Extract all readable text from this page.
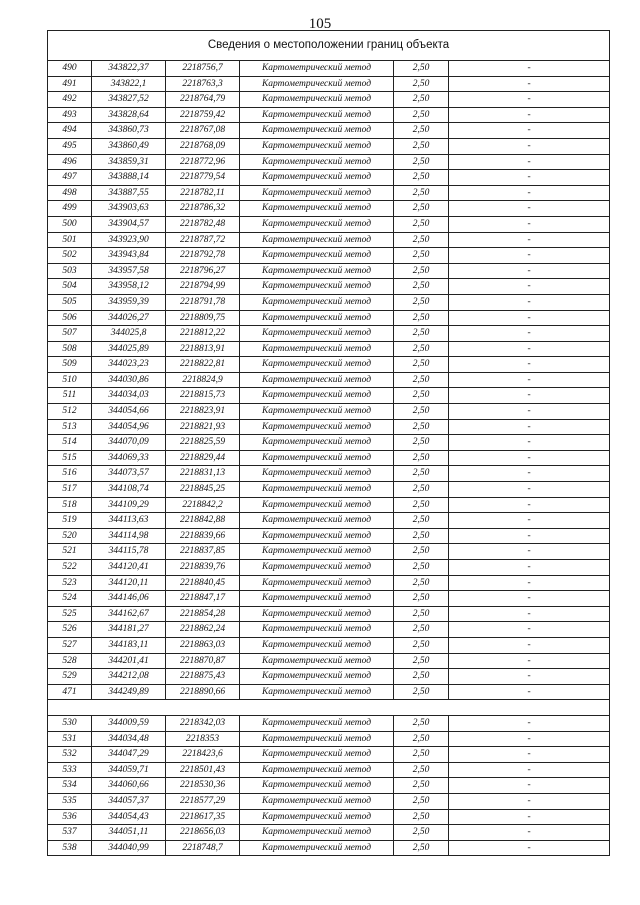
105
Сведения о местоположении границ объекта					
490	343822,37	2218756,7	Картометрический метод	2,50	-
491	343822,1	2218763,3	Картометрический метод	2,50	-
492	343827,52	2218764,79	Картометрический метод	2,50	-
493	343828,64	2218759,42	Картометрический метод	2,50	-
494	343860,73	2218767,08	Картометрический метод	2,50	-
495	343860,49	2218768,09	Картометрический метод	2,50	-
496	343859,31	2218772,96	Картометрический метод	2,50	-
497	343888,14	2218779,54	Картометрический метод	2,50	-
498	343887,55	2218782,11	Картометрический метод	2,50	-
499	343903,63	2218786,32	Картометрический метод	2,50	-
500	343904,57	2218782,48	Картометрический метод	2,50	-
501	343923,90	2218787,72	Картометрический метод	2,50	-
502	343943,84	2218792,78	Картометрический метод	2,50	-
503	343957,58	2218796,27	Картометрический метод	2,50	-
504	343958,12	2218794,99	Картометрический метод	2,50	-
505	343959,39	2218791,78	Картометрический метод	2,50	-
506	344026,27	2218809,75	Картометрический метод	2,50	-
507	344025,8	2218812,22	Картометрический метод	2,50	-
508	344025,89	2218813,91	Картометрический метод	2,50	-
509	344023,23	2218822,81	Картометрический метод	2,50	-
510	344030,86	2218824,9	Картометрический метод	2,50	-
511	344034,03	2218815,73	Картометрический метод	2,50	-
512	344054,66	2218823,91	Картометрический метод	2,50	-
513	344054,96	2218821,93	Картометрический метод	2,50	-
514	344070,09	2218825,59	Картометрический метод	2,50	-
515	344069,33	2218829,44	Картометрический метод	2,50	-
516	344073,57	2218831,13	Картометрический метод	2,50	-
517	344108,74	2218845,25	Картометрический метод	2,50	-
518	344109,29	2218842,2	Картометрический метод	2,50	-
519	344113,63	2218842,88	Картометрический метод	2,50	-
520	344114,98	2218839,66	Картометрический метод	2,50	-
521	344115,78	2218837,85	Картометрический метод	2,50	-
522	344120,41	2218839,76	Картометрический метод	2,50	-
523	344120,11	2218840,45	Картометрический метод	2,50	-
524	344146,06	2218847,17	Картометрический метод	2,50	-
525	344162,67	2218854,28	Картометрический метод	2,50	-
526	344181,27	2218862,24	Картометрический метод	2,50	-
527	344183,11	2218863,03	Картометрический метод	2,50	-
528	344201,41	2218870,87	Картометрический метод	2,50	-
529	344212,08	2218875,43	Картометрический метод	2,50	-
471	344249,89	2218890,66	Картометрический метод	2,50	-

530	344009,59	2218342,03	Картометрический метод	2,50	-
531	344034,48	2218353	Картометрический метод	2,50	-
532	344047,29	2218423,6	Картометрический метод	2,50	-
533	344059,71	2218501,43	Картометрический метод	2,50	-
534	344060,66	2218530,36	Картометрический метод	2,50	-
535	344057,37	2218577,29	Картометрический метод	2,50	-
536	344054,43	2218617,35	Картометрический метод	2,50	-
537	344051,11	2218656,03	Картометрический метод	2,50	-
538	344040,99	2218748,7	Картометрический метод	2,50	-
